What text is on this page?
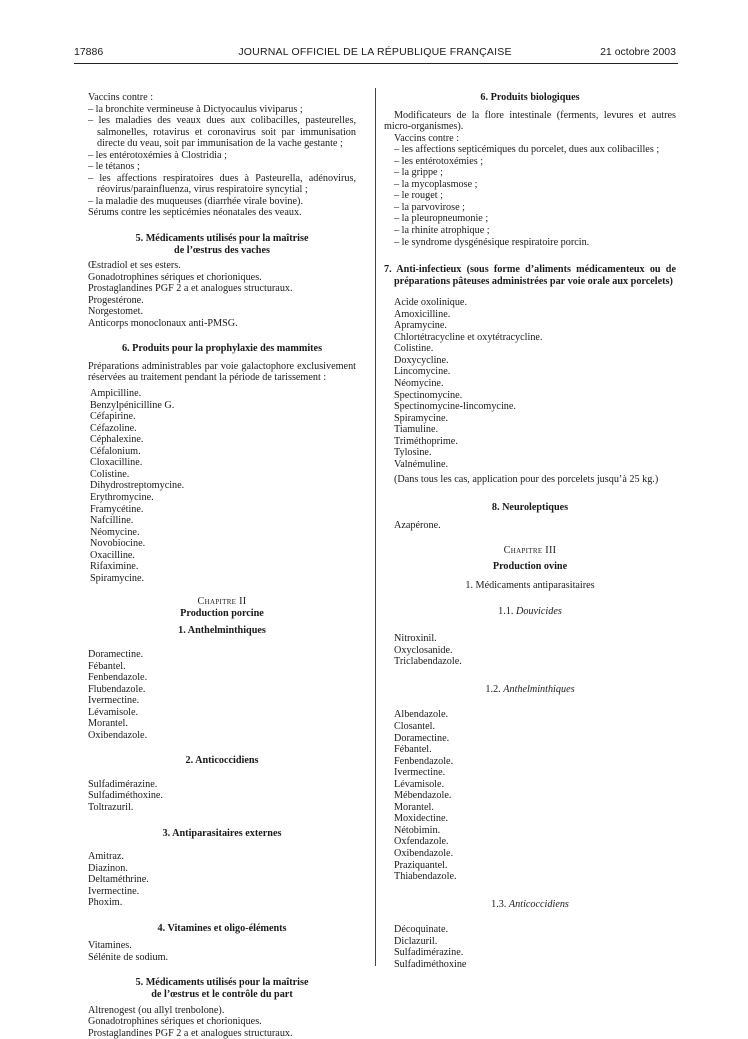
17886	JOURNAL OFFICIEL DE LA RÉPUBLIQUE FRANÇAISE	21 octobre 2003

Vaccins contre :

– la bronchite vermineuse à Dictyocaulus viviparus ;

– les maladies des veaux dues aux colibacilles, pasteurelles, salmonelles, rotavirus et coronavirus soit par immunisation directe du veau, soit par immunisation de la vache gestante ;

– les entérotoxémies à Clostridia ;

– le tétanos ;

– les affections respiratoires dues à Pasteurella, adénovirus, réovirus/parainfluenza, virus respiratoire syncytial ;

– la maladie des muqueuses (diarrhée virale bovine).

Sérums contre les septicémies néonatales des veaux.

5. Médicaments utilisés pour la maîtrise
de l’œstrus des vaches

Œstradiol et ses esters.

Gonadotrophines sériques et chorioniques.

Prostaglandines PGF 2 a et analogues structuraux.

Progestérone.

Norgestomet.

Anticorps monoclonaux anti-PMSG.

6. Produits pour la prophylaxie des mammites

Préparations administrables par voie galactophore exclusivement réservées au traitement pendant la période de tarissement :

Ampicilline.

Benzylpénicilline G.

Céfapirine.

Céfazoline.

Céphalexine.

Céfalonium.

Cloxacilline.

Colistine.

Dihydrostreptomycine.

Erythromycine.

Framycétine.

Nafcilline.

Néomycine.

Novobiocine.

Oxacilline.

Rifaximine.

Spiramycine.

Chapitre II

Production porcine

1. Anthelminthiques

Doramectine.

Fébantel.

Fenbendazole.

Flubendazole.

Ivermectine.

Lévamisole.

Morantel.

Oxibendazole.

2. Anticoccidiens

Sulfadimérazine.

Sulfadiméthoxine.

Toltrazuril.

3. Antiparasitaires externes

Amitraz.

Diazinon.

Deltaméthrine.

Ivermectine.

Phoxim.

4. Vitamines et oligo-éléments

Vitamines.

Sélénite de sodium.

5. Médicaments utilisés pour la maîtrise
de l’œstrus et le contrôle du part

Altrenogest (ou allyl trenbolone).

Gonadotrophines sériques et chorioniques.

Prostaglandines PGF 2 a et analogues structuraux.

6. Produits biologiques

Modificateurs de la flore intestinale (ferments, levures et autres micro-organismes).

Vaccins contre :

– les affections septicémiques du porcelet, dues aux colibacilles ;

– les entérotoxémies ;

– la grippe ;

– la mycoplasmose ;

– le rouget ;

– la parvovirose ;

– la pleuropneumonie ;

– la rhinite atrophique ;

– le syndrome dysgénésique respiratoire porcin.

7. Anti-infectieux (sous forme d’aliments médicamenteux ou de préparations pâteuses administrées par voie orale aux porcelets)

Acide oxolinique.

Amoxicilline.

Apramycine.

Chlortétracycline et oxytétracycline.

Colistine.

Doxycycline.

Lincomycine.

Néomycine.

Spectinomycine.

Spectinomycine-lincomycine.

Spiramycine.

Tiamuline.

Triméthoprime.

Tylosine.

Valnémuline.

(Dans tous les cas, application pour des porcelets jusqu’à 25 kg.)

8. Neuroleptiques

Azapérone.

Chapitre III

Production ovine

1. Médicaments antiparasitaires

1.1. Douvicides

Nitroxinil.

Oxyclosanide.

Triclabendazole.

1.2. Anthelminthiques

Albendazole.

Closantel.

Doramectine.

Fébantel.

Fenbendazole.

Ivermectine.

Lévamisole.

Mébendazole.

Morantel.

Moxidectine.

Nétobimin.

Oxfendazole.

Oxibendazole.

Praziquantel.

Thiabendazole.

1.3. Anticoccidiens

Décoquinate.

Diclazuril.

Sulfadimérazine.

Sulfadiméthoxine
